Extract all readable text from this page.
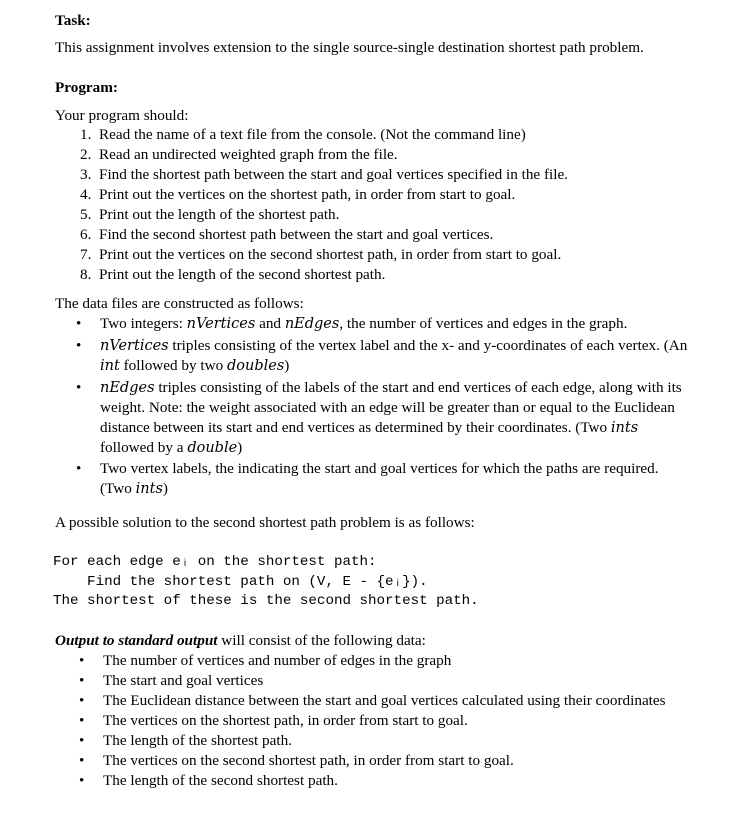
Task:
This assignment involves extension to the single source-single destination shortest path problem.
Program:
Your program should:
1. Read the name of a text file from the console. (Not the command line)
2. Read an undirected weighted graph from the file.
3. Find the shortest path between the start and goal vertices specified in the file.
4. Print out the vertices on the shortest path, in order from start to goal.
5. Print out the length of the shortest path.
6. Find the second shortest path between the start and goal vertices.
7. Print out the vertices on the second shortest path, in order from start to goal.
8. Print out the length of the second shortest path.
The data files are constructed as follows:
• Two integers: nVertices and nEdges, the number of vertices and edges in the graph.
• nVertices triples consisting of the vertex label and the x- and y-coordinates of each vertex. (An
int followed by two doubles)
• nEdges triples consisting of the labels of the start and end vertices of each edge, along with its
weight. Note: the weight associated with an edge will be greater than or equal to the Euclidean
distance between its start and end vertices as determined by their coordinates. (Two ints
followed by a double)
• Two vertex labels, the indicating the start and goal vertices for which the paths are required.
(Two ints)
A possible solution to the second shortest path problem is as follows:
For each edge eᵢ on the shortest path:
Find the shortest path on (V, E - {eᵢ}).
The shortest of these is the second shortest path.
Output to standard output will consist of the following data:
• The number of vertices and number of edges in the graph
• The start and goal vertices
• The Euclidean distance between the start and goal vertices calculated using their coordinates
• The vertices on the shortest path, in order from start to goal.
• The length of the shortest path.
• The vertices on the second shortest path, in order from start to goal.
• The length of the second shortest path.
